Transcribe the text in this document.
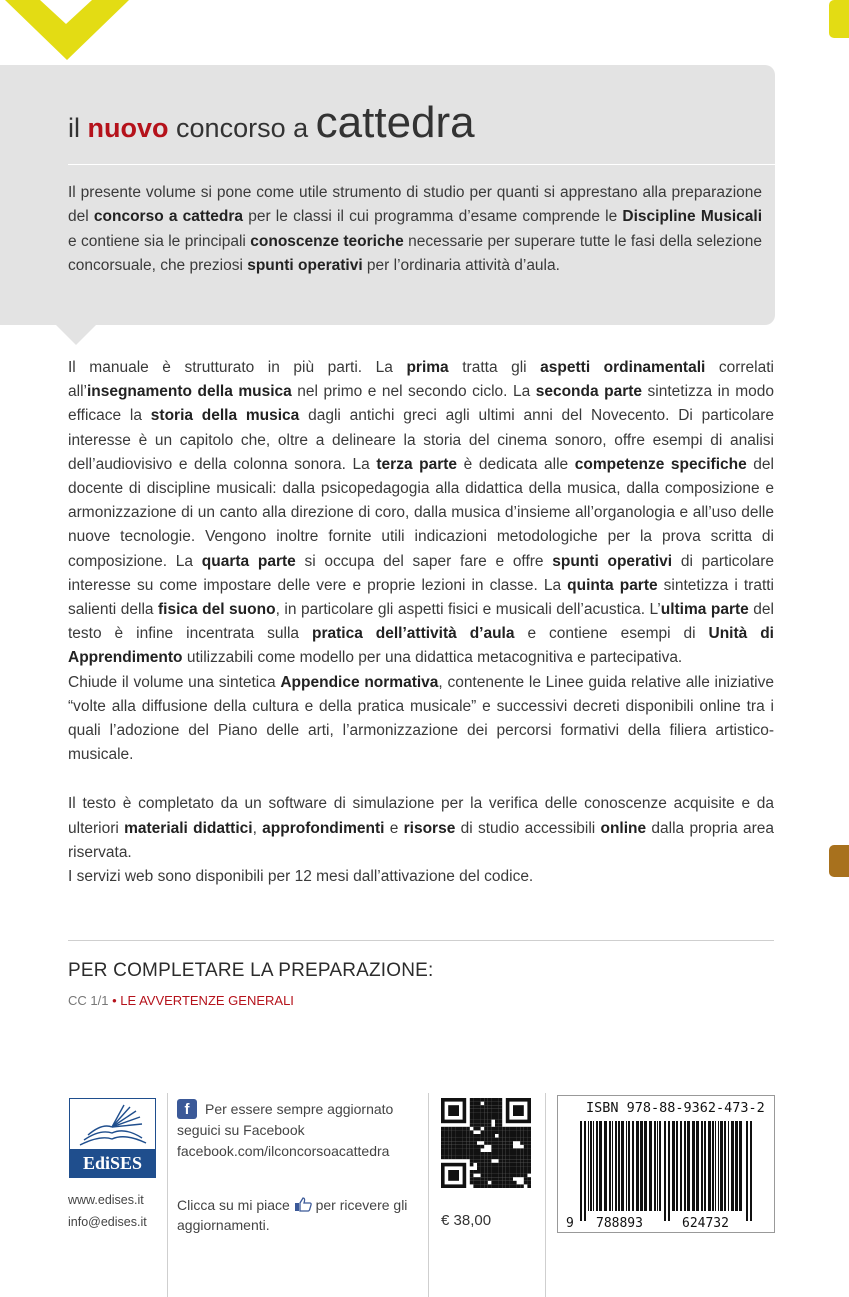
il nuovo concorso a cattedra
Il presente volume si pone come utile strumento di studio per quanti si apprestano alla preparazione del concorso a cattedra per le classi il cui programma d’esame comprende le Discipline Musicali e contiene sia le principali conoscenze teoriche necessarie per superare tutte le fasi della selezione concorsuale, che preziosi spunti operativi per l’ordinaria attività d’aula.

Il manuale è strutturato in più parti. La prima tratta gli aspetti ordinamentali correlati all’insegnamento della musica nel primo e nel secondo ciclo. La seconda parte sintetizza in modo efficace la storia della musica dagli antichi greci agli ultimi anni del Novecento. Di particolare interesse è un capitolo che, oltre a delineare la storia del cinema sonoro, offre esempi di analisi dell’audiovisivo e della colonna sonora. La terza parte è dedicata alle competenze specifiche del docente di discipline musicali: dalla psicopedagogia alla didattica della musica, dalla composizione e armonizzazione di un canto alla direzione di coro, dalla musica d’insieme all’organologia e all’uso delle nuove tecnologie. Vengono inoltre fornite utili indicazioni metodologiche per la prova scritta di composizione. La quarta parte si occupa del saper fare e offre spunti operativi di particolare interesse su come impostare delle vere e proprie lezioni in classe. La quinta parte sintetizza i tratti salienti della fisica del suono, in particolare gli aspetti fisici e musicali dell’acustica. L’ultima parte del testo è infine incentrata sulla pratica dell’attività d’aula e contiene esempi di Unità di Apprendimento utilizzabili come modello per una didattica metacognitiva e partecipativa.

Chiude il volume una sintetica Appendice normativa, contenente le Linee guida relative alle iniziative “volte alla diffusione della cultura e della pratica musicale” e successivi decreti disponibili online tra i quali l’adozione del Piano delle arti, l’armonizzazione dei percorsi formativi della filiera artistico-musicale.

Il testo è completato da un software di simulazione per la verifica delle conoscenze acquisite e da ulteriori materiali didattici, approfondimenti e risorse di studio accessibili online dalla propria area riservata.

I servizi web sono disponibili per 12 mesi dall’attivazione del codice.

PER COMPLETARE LA PREPARAZIONE:
CC 1/1 • LE AVVERTENZE GENERALI
EdiSES
www.edises.it
info@edises.it
Per essere sempre aggiornato
seguici su Facebook
facebook.com/ilconcorsoacattedra
f
Clicca su mi piace  per ricevere gli aggiornamenti.	€ 38,00
ISBN 978-88-9362-473-2
9 788893	624732
